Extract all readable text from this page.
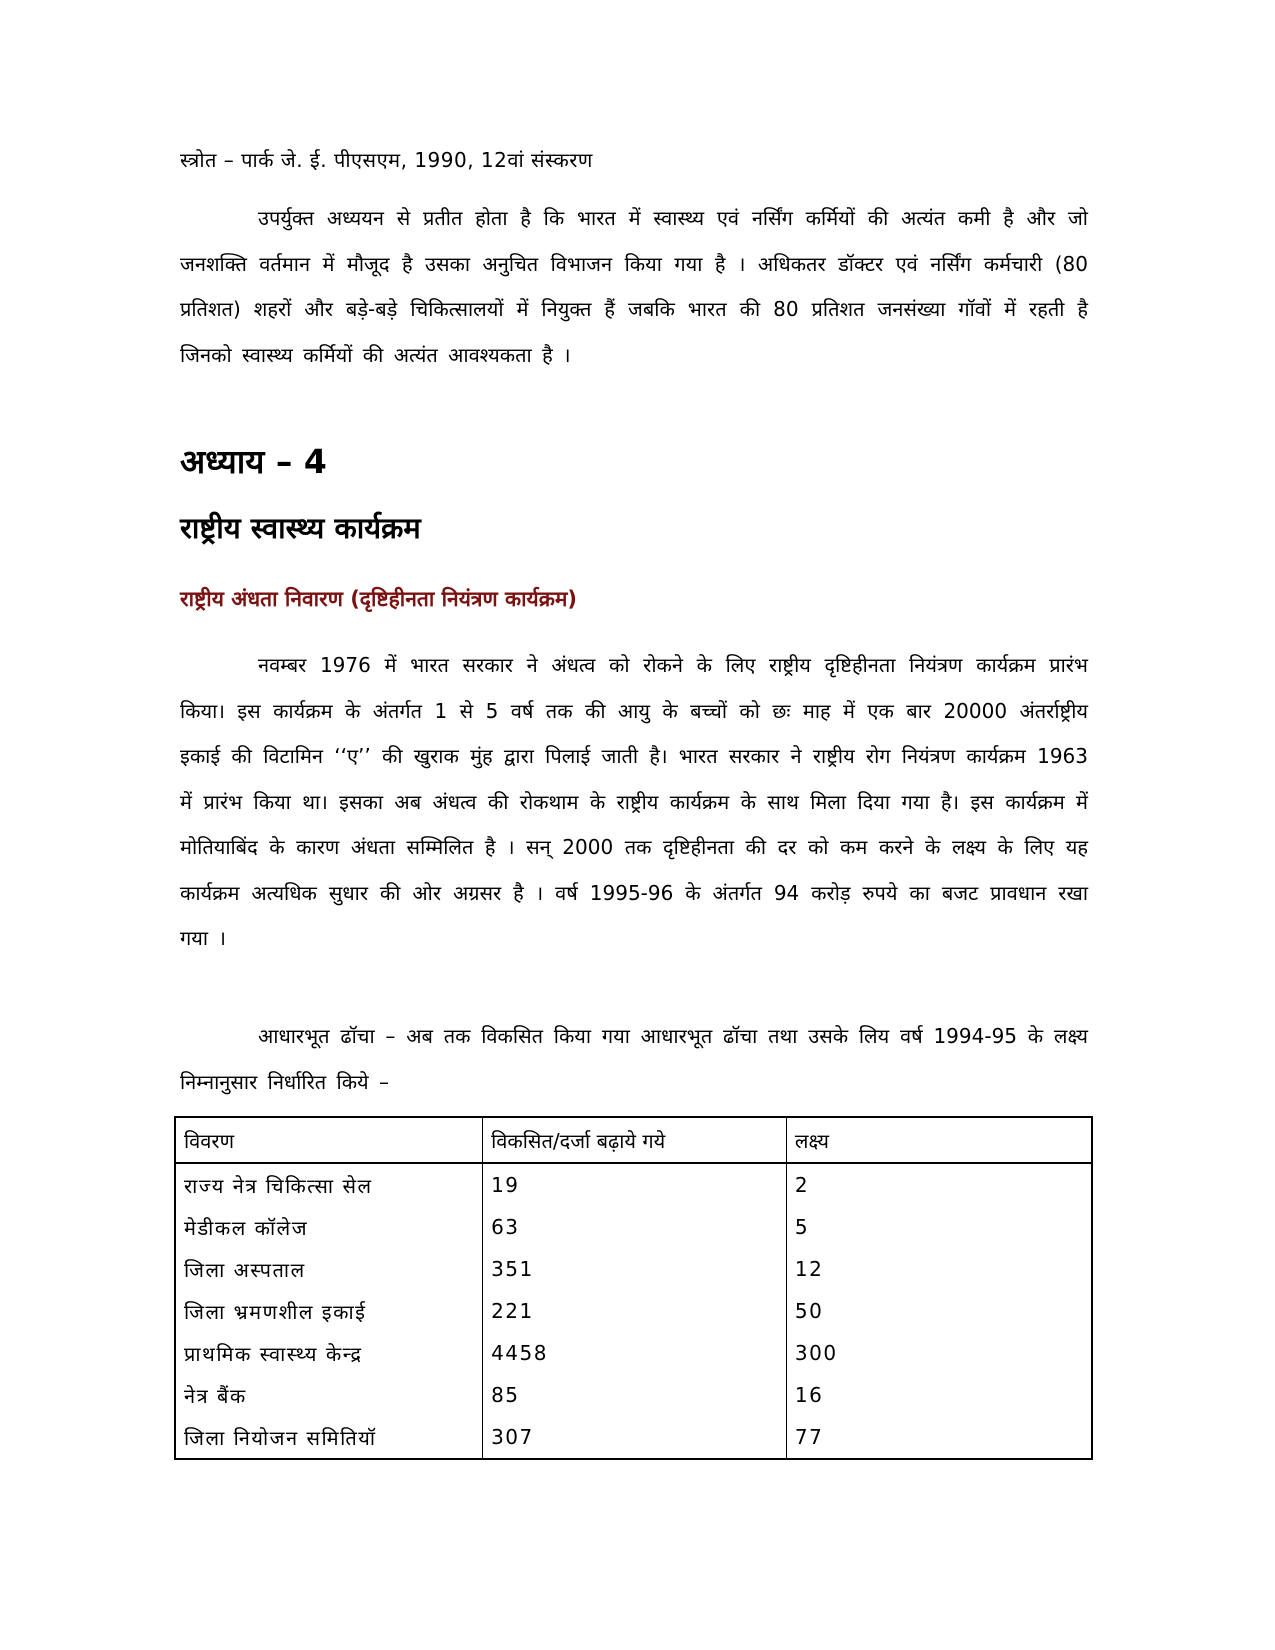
स्त्रोत – पार्क जे. ई. पीएसएम, 1990, 12वां संस्करण

उपर्युक्त अध्ययन से प्रतीत होता है कि भारत में स्वास्थ्य एवं नर्सिंग कर्मियों की अत्यंत कमी है और जो जनशक्ति वर्तमान में मौजूद है उसका अनुचित विभाजन किया गया है । अधिकतर डॉक्टर एवं नर्सिंग कर्मचारी (80 प्रतिशत) शहरों और बड़े-बड़े चिकित्सालयों में नियुक्त हैं जबकि भारत की 80 प्रतिशत जनसंख्या गॉवों में रहती है जिनको स्वास्थ्य कर्मियों की अत्यंत आवश्यकता है ।

अध्याय – 4
राष्ट्रीय स्वास्थ्य कार्यक्रम
राष्ट्रीय अंधता निवारण (दृष्टिहीनता नियंत्रण कार्यक्रम)

नवम्बर 1976 में भारत सरकार ने अंधत्व को रोकने के लिए राष्ट्रीय दृष्टिहीनता नियंत्रण कार्यक्रम प्रारंभ किया। इस कार्यक्रम के अंतर्गत 1 से 5 वर्ष तक की आयु के बच्चों को छः माह में एक बार 20000 अंतर्राष्ट्रीय इकाई की विटामिन ‘‘ए’’ की खुराक मुंह द्वारा पिलाई जाती है। भारत सरकार ने राष्ट्रीय रोग नियंत्रण कार्यक्रम 1963 में प्रारंभ किया था। इसका अब अंधत्व की रोकथाम के राष्ट्रीय कार्यक्रम के साथ मिला दिया गया है। इस कार्यक्रम में मोतियाबिंद के कारण अंधता सम्मिलित है । सन् 2000 तक दृष्टिहीनता की दर को कम करने के लक्ष्य के लिए यह कार्यक्रम अत्यधिक सुधार की ओर अग्रसर है । वर्ष 1995-96 के अंतर्गत 94 करोड़ रुपये का बजट प्रावधान रखा गया ।

आधारभूत ढॉचा – अब तक विकसित किया गया आधारभूत ढॉचा तथा उसके लिय वर्ष 1994-95 के लक्ष्य निम्नानुसार निर्धारित किये –

विवरण	विकसित/दर्जा बढ़ाये गये	लक्ष्य
राज्य नेत्र चिकित्सा सेल	19	2
मेडीकल कॉलेज	63	5
जिला अस्पताल	351	12
जिला भ्रमणशील इकाई	221	50
प्राथमिक स्वास्थ्य केन्द्र	4458	300
नेत्र बैंक	85	16
जिला नियोजन समितियॉ	307	77
